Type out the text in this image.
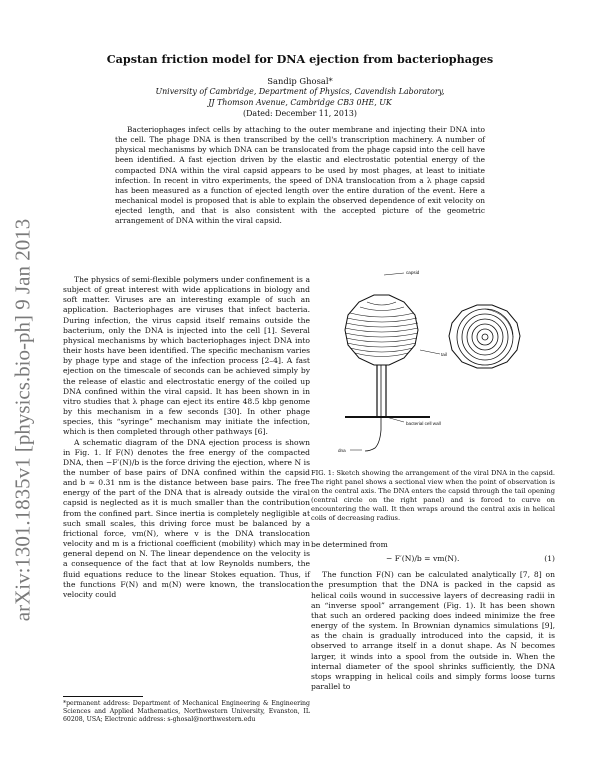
arXiv:1301.1835v1 [physics.bio-ph] 9 Jan 2013
Capstan friction model for DNA ejection from bacteriophages
Sandip Ghosal*
University of Cambridge, Department of Physics, Cavendish Laboratory,
JJ Thomson Avenue, Cambridge CB3 0HE, UK
(Dated: December 11, 2013)

Bacteriophages infect cells by attaching to the outer membrane and injecting their DNA into the cell. The phage DNA is then transcribed by the cell's transcription machinery. A number of physical mechanisms by which DNA can be translocated from the phage capsid into the cell have been identified. A fast ejection driven by the elastic and electrostatic potential energy of the compacted DNA within the viral capsid appears to be used by most phages, at least to initiate infection. In recent in vitro experiments, the speed of DNA translocation from a λ phage capsid has been measured as a function of ejected length over the entire duration of the event. Here a mechanical model is proposed that is able to explain the observed dependence of exit velocity on ejected length, and that is also consistent with the accepted picture of the geometric arrangement of DNA within the viral capsid.

The physics of semi-flexible polymers under confinement is a subject of great interest with wide applications in biology and soft matter. Viruses are an interesting example of such an application. Bacteriophages are viruses that infect bacteria. During infection, the virus capsid itself remains outside the bacterium, only the DNA is injected into the cell [1]. Several physical mechanisms by which bacteriophages inject DNA into their hosts have been identified. The specific mechanism varies by phage type and stage of the infection process [2–4]. A fast ejection on the timescale of seconds can be achieved simply by the release of elastic and electrostatic energy of the coiled up DNA confined within the viral capsid. It has been shown in in vitro studies that λ phage can eject its entire 48.5 kbp genome by this mechanism in a few seconds [30]. In other phage species, this “syringe” mechanism may initiate the infection, which is then completed through other pathways [6].

A schematic diagram of the DNA ejection process is shown in Fig. 1. If F(N) denotes the free energy of the compacted DNA, then −F′(N)/b is the force driving the ejection, where N is the number of base pairs of DNA confined within the capsid and b ≈ 0.31 nm is the distance between base pairs. The free energy of the part of the DNA that is already outside the viral capsid is neglected as it is much smaller than the contribution from the confined part. Since inertia is completely negligible at such small scales, this driving force must be balanced by a frictional force, vm(N), where v is the DNA translocation velocity and m is a frictional coefficient (mobility) which may in general depend on N. The linear dependence on the velocity is a consequence of the fact that at low Reynolds numbers, the fluid equations reduce to the linear Stokes equation. Thus, if the functions F(N) and m(N) were known, the translocation velocity could

*permanent address: Department of Mechanical Engineering & Engineering Sciences and Applied Mathematics, Northwestern University, Evanston, IL 60208, USA; Electronic address: s-ghosal@northwestern.edu
capsid
tail
bacterial cell wall
dna
FIG. 1: Sketch showing the arrangement of the viral DNA in the capsid. The right panel shows a sectional view when the point of observation is on the central axis. The DNA enters the capsid through the tail opening (central circle on the right panel) and is forced to curve on encountering the wall. It then wraps around the central axis in helical coils of decreasing radius.

be determined from

− F′(N)/b = vm(N).	(1)

The function F(N) can be calculated analytically [7, 8] on the presumption that the DNA is packed in the capsid as helical coils wound in successive layers of decreasing radii in an “inverse spool” arrangement (Fig. 1). It has been shown that such an ordered packing does indeed minimize the free energy of the system. In Brownian dynamics simulations [9], as the chain is gradually introduced into the capsid, it is observed to arrange itself in a donut shape. As N becomes larger, it winds into a spool from the outside in. When the internal diameter of the spool shrinks sufficiently, the DNA stops wrapping in helical coils and simply forms loose turns parallel to
